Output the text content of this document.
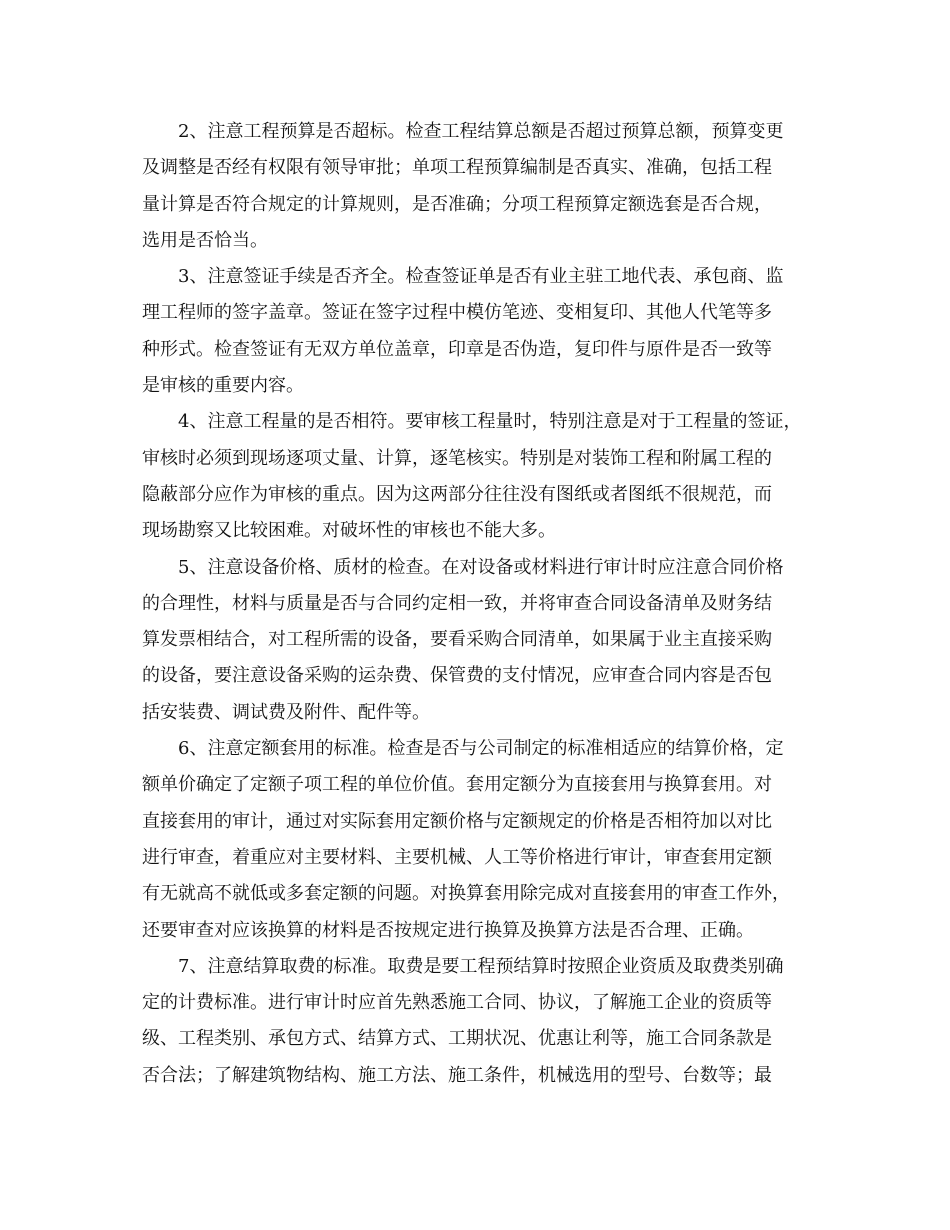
2、注意工程预算是否超标。检查工程结算总额是否超过预算总额，预算变更
及调整是否经有权限有领导审批；单项工程预算编制是否真实、准确，包括工程
量计算是否符合规定的计算规则，是否准确；分项工程预算定额选套是否合规，
选用是否恰当。
3、注意签证手续是否齐全。检查签证单是否有业主驻工地代表、承包商、监
理工程师的签字盖章。签证在签字过程中模仿笔迹、变相复印、其他人代笔等多
种形式。检查签证有无双方单位盖章，印章是否伪造，复印件与原件是否一致等
是审核的重要内容。
4、注意工程量的是否相符。要审核工程量时，特别注意是对于工程量的签证，
审核时必须到现场逐项丈量、计算，逐笔核实。特别是对装饰工程和附属工程的
隐蔽部分应作为审核的重点。因为这两部分往往没有图纸或者图纸不很规范，而
现场勘察又比较困难。对破坏性的审核也不能大多。
5、注意设备价格、质材的检查。在对设备或材料进行审计时应注意合同价格
的合理性，材料与质量是否与合同约定相一致，并将审查合同设备清单及财务结
算发票相结合，对工程所需的设备，要看采购合同清单，如果属于业主直接采购
的设备，要注意设备采购的运杂费、保管费的支付情况，应审查合同内容是否包
括安装费、调试费及附件、配件等。
6、注意定额套用的标准。检查是否与公司制定的标准相适应的结算价格，定
额单价确定了定额子项工程的单位价值。套用定额分为直接套用与换算套用。对
直接套用的审计，通过对实际套用定额价格与定额规定的价格是否相符加以对比
进行审查，着重应对主要材料、主要机械、人工等价格进行审计，审查套用定额
有无就高不就低或多套定额的问题。对换算套用除完成对直接套用的审查工作外，
还要审查对应该换算的材料是否按规定进行换算及换算方法是否合理、正确。
7、注意结算取费的标准。取费是要工程预结算时按照企业资质及取费类别确
定的计费标准。进行审计时应首先熟悉施工合同、协议，了解施工企业的资质等
级、工程类别、承包方式、结算方式、工期状况、优惠让利等，施工合同条款是
否合法；了解建筑物结构、施工方法、施工条件，机械选用的型号、台数等；最
